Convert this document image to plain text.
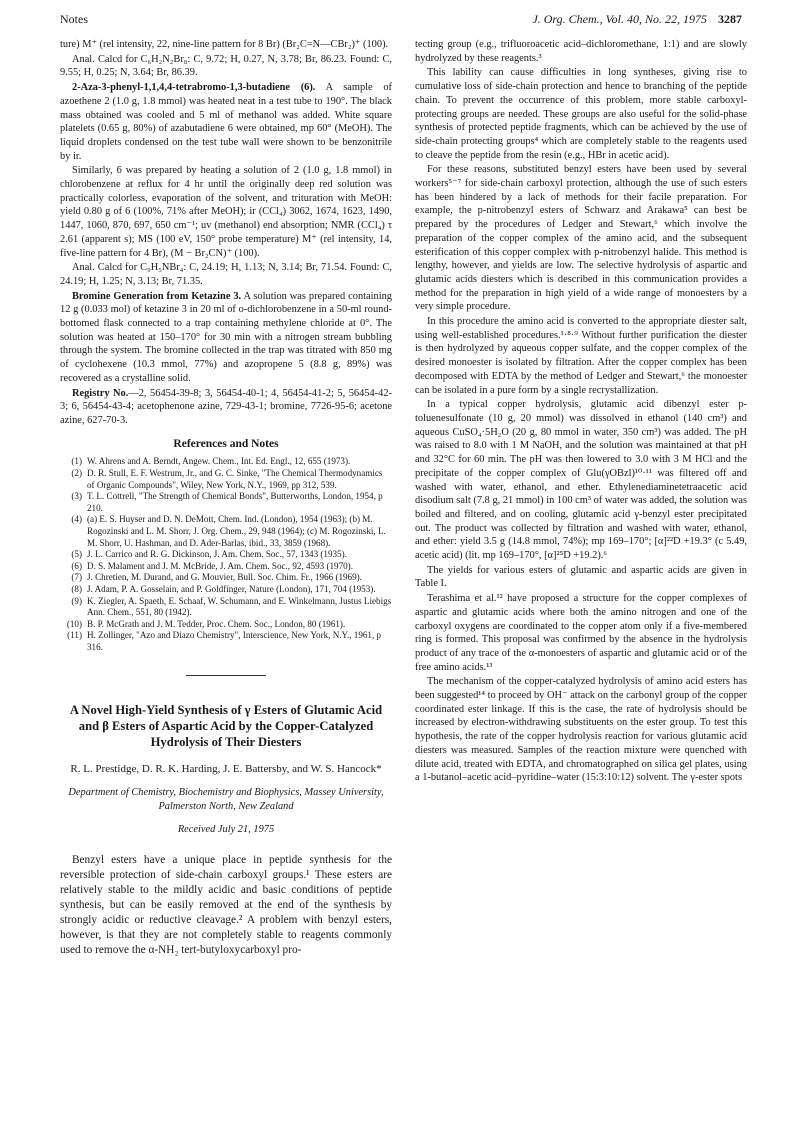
Notes	J. Org. Chem., Vol. 40, No. 22, 1975 3287

ture) M⁺ (rel intensity, 22, nine-line pattern for 8 Br) (Br₂C=N—CBr₂)⁺ (100).

Anal. Calcd for C₆H₂N₂Br₈: C, 9.72; H, 0.27, N, 3.78; Br, 86.23. Found: C, 9.55; H, 0.25; N, 3.64; Br, 86.39.

2-Aza-3-phenyl-1,1,4,4-tetrabromo-1,3-butadiene (6). A sample of azoethene 2 (1.0 g, 1.8 mmol) was heated neat in a test tube to 190°. The black mass obtained was cooled and 5 ml of methanol was added. White square platelets (0.65 g, 80%) of azabutadiene 6 were obtained, mp 60° (MeOH). The liquid droplets condensed on the test tube wall were shown to be benzonitrile by ir.

Similarly, 6 was prepared by heating a solution of 2 (1.0 g, 1.8 mmol) in chlorobenzene at reflux for 4 hr until the originally deep red solution was practically colorless, evaporation of the solvent, and trituration with MeOH: yield 0.80 g of 6 (100%, 71% after MeOH); ir (CCl₄) 3062, 1674, 1623, 1490, 1447, 1060, 870, 697, 650 cm⁻¹; uv (methanol) end absorption; NMR (CCl₄) τ 2.61 (apparent s); MS (100 eV, 150° probe temperature) M⁺ (rel intensity, 14, five-line pattern for 4 Br), (M − Br₂CN)⁺ (100).

Anal. Calcd for C₉H₅NBr₄: C, 24.19; H, 1.13; N, 3.14; Br, 71.54. Found: C, 24.19; H, 1.25; N, 3.13; Br, 71.35.

Bromine Generation from Ketazine 3. A solution was prepared containing 12 g (0.033 mol) of ketazine 3 in 20 ml of o-dichlorobenzene in a 50-ml round-bottomed flask connected to a trap containing methylene chloride at 0°. The solution was heated at 150–170° for 30 min with a nitrogen stream bubbling through the system. The bromine collected in the trap was titrated with 850 mg of cyclohexene (10.3 mmol, 77%) and azopropene 5 (8.8 g, 89%) was recovered as a crystalline solid.

Registry No.—2, 56454-39-8; 3, 56454-40-1; 4, 56454-41-2; 5, 56454-42-3; 6, 56454-43-4; acetophenone azine, 729-43-1; bromine, 7726-95-6; acetone azine, 627-70-3.

References and Notes
(1) W. Ahrens and A. Berndt, Angew. Chem., Int. Ed. Engl., 12, 655 (1973).
(2) D. R. Stull, E. F. Westrum, Jr., and G. C. Sinke, "The Chemical Thermodynamics of Organic Compounds", Wiley, New York, N.Y., 1969, pp 312, 539.
(3) T. L. Cottrell, "The Strength of Chemical Bonds", Butterworths, London, 1954, p 210.
(4) (a) E. S. Huyser and D. N. DeMott, Chem. Ind. (London), 1954 (1963); (b) M. Rogozinski and L. M. Shorr, J. Org. Chem., 29, 948 (1964); (c) M. Rogozinski, L. M. Shorr, U. Hashman, and D. Ader-Barlas, ibid., 33, 3859 (1968).
(5) J. L. Carrico and R. G. Dickinson, J. Am. Chem. Soc., 57, 1343 (1935).
(6) D. S. Malament and J. M. McBride, J. Am. Chem. Soc., 92, 4593 (1970).
(7) J. Chretien, M. Durand, and G. Mouvier, Bull. Soc. Chim. Fr., 1966 (1969).
(8) J. Adam, P. A. Gosselain, and P. Goldfinger, Nature (London), 171, 704 (1953).
(9) K. Ziegler, A. Spaeth, E. Schaaf, W. Schumann, and E. Winkelmann, Justus Liebigs Ann. Chem., 551, 80 (1942).
(10) B. P. McGrath and J. M. Tedder, Proc. Chem. Soc., London, 80 (1961).
(11) H. Zollinger, "Azo and Diazo Chemistry", Interscience, New York, N.Y., 1961, p 316.
A Novel High-Yield Synthesis of γ Esters of Glutamic Acid and β Esters of Aspartic Acid by the Copper-Catalyzed Hydrolysis of Their Diesters
R. L. Prestidge, D. R. K. Harding, J. E. Battersby, and W. S. Hancock*
Department of Chemistry, Biochemistry and Biophysics, Massey University, Palmerston North, New Zealand
Received July 21, 1975

Benzyl esters have a unique place in peptide synthesis for the reversible protection of side-chain carboxyl groups.¹ These esters are relatively stable to the mildly acidic and basic conditions of peptide synthesis, but can be easily removed at the end of the synthesis by strongly acidic or reductive cleavage.² A problem with benzyl esters, however, is that they are not completely stable to reagents commonly used to remove the α-NH₂ tert-butyloxycarboxyl pro-

tecting group (e.g., trifluoroacetic acid–dichloromethane, 1:1) and are slowly hydrolyzed by these reagents.³

This lability can cause difficulties in long syntheses, giving rise to cumulative loss of side-chain protection and hence to branching of the peptide chain. To prevent the occurrence of this problem, more stable carboxyl-protecting groups are needed. These groups are also useful for the solid-phase synthesis of protected peptide fragments, which can be achieved by the use of side-chain protecting groups⁴ which are completely stable to the reagents used to cleave the peptide from the resin (e.g., HBr in acetic acid).

For these reasons, substituted benzyl esters have been used by several workers⁵⁻⁷ for side-chain carboxyl protection, although the use of such esters has been hindered by a lack of methods for their facile preparation. For example, the p-nitrobenzyl esters of Schwarz and Arakawa⁵ can best be prepared by the procedures of Ledger and Stewart,⁶ which involve the preparation of the copper complex of the amino acid, and the subsequent esterification of this copper complex with p-nitrobenzyl halide. This method is lengthy, however, and yields are low. The selective hydrolysis of aspartic and glutamic acids diesters which is described in this communication provides a method for the preparation in high yield of a wide range of monoesters by a very simple procedure.

In this procedure the amino acid is converted to the appropriate diester salt, using well-established procedures.¹·⁸·⁹ Without further purification the diester is then hydrolyzed by aqueous copper sulfate, and the copper complex of the desired monoester is isolated by filtration. After the copper complex has been decomposed with EDTA by the method of Ledger and Stewart,⁶ the monoester can be isolated in a pure form by a single recrystallization.

In a typical copper hydrolysis, glutamic acid dibenzyl ester p-toluenesulfonate (10 g, 20 mmol) was dissolved in ethanol (140 cm³) and aqueous CuSO₄·5H₂O (20 g, 80 mmol in water, 350 cm³) was added. The pH was raised to 8.0 with 1 M NaOH, and the solution was maintained at that pH and 32°C for 60 min. The pH was then lowered to 3.0 with 3 M HCl and the precipitate of the copper complex of Glu(γOBzl)¹⁰·¹¹ was filtered off and washed with water, ethanol, and ether. Ethylenediaminetetraacetic acid disodium salt (7.8 g, 21 mmol) in 100 cm³ of water was added, the solution was boiled and filtered, and on cooling, glutamic acid γ-benzyl ester precipitated out. The product was collected by filtration and washed with water, ethanol, and ether: yield 3.5 g (14.8 mmol, 74%); mp 169–170°; [α]²²D +19.3° (c 5.49, acetic acid) (lit. mp 169–170°, [α]²⁵D +19.2).⁶

The yields for various esters of glutamic and aspartic acids are given in Table I.

Terashima et al.¹² have proposed a structure for the copper complexes of aspartic and glutamic acids where both the amino nitrogen and one of the carboxyl oxygens are coordinated to the copper atom only if a five-membered ring is formed. This proposal was confirmed by the absence in the hydrolysis product of any trace of the α-monoesters of aspartic and glutamic acid or of the free amino acids.¹³

The mechanism of the copper-catalyzed hydrolysis of amino acid esters has been suggested¹⁴ to proceed by OH⁻ attack on the carbonyl group of the copper coordinated ester linkage. If this is the case, the rate of hydrolysis should be increased by electron-withdrawing substituents on the ester group. To test this hypothesis, the rate of the copper hydrolysis reaction for various glutamic acid diesters was measured. Samples of the reaction mixture were quenched with dilute acid, treated with EDTA, and chromatographed on silica gel plates, using a 1-butanol–acetic acid–pyridine–water (15:3:10:12) solvent. The γ-ester spots
